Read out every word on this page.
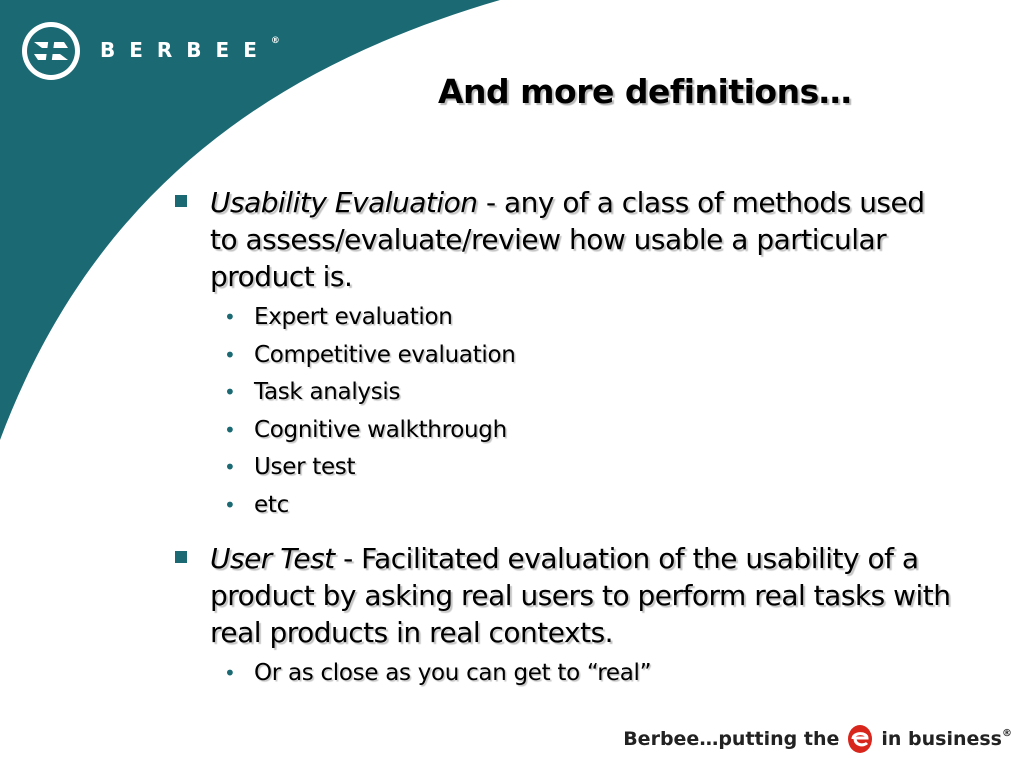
BERBEE®
And more definitions…
Usability Evaluation - any of a class of methods used to assess/evaluate/review how usable a particular product is.
• Expert evaluation
• Competitive evaluation
• Task analysis
• Cognitive walkthrough
• User test
• etc
User Test - Facilitated evaluation of the usability of a product by asking real users to perform real tasks with real products in real contexts.
• Or as close as you can get to “real”
Berbee…putting the in business®
